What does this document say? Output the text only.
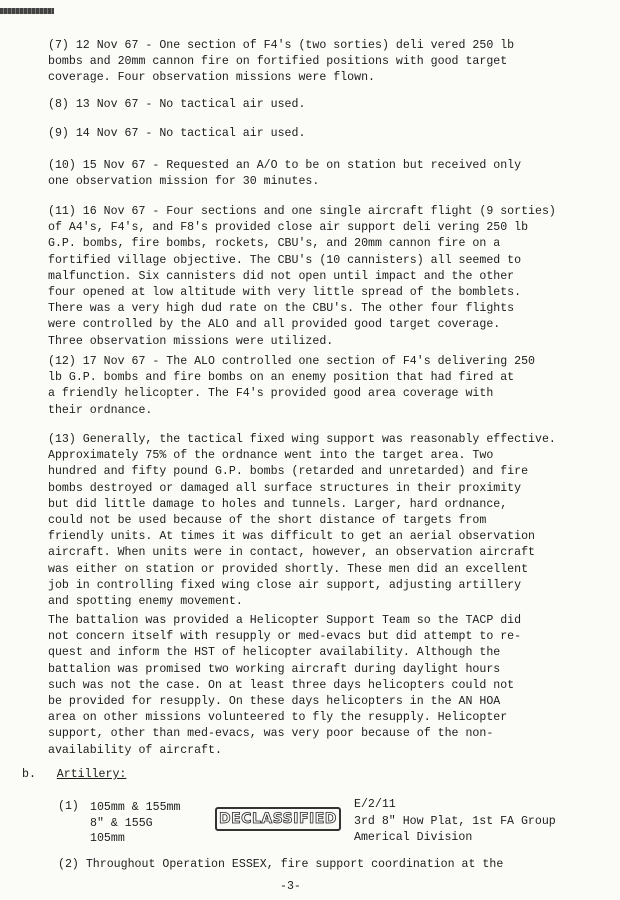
(7) 12 Nov 67 - One section of F4's (two sorties) deli vered 250 lb
bombs and 20mm cannon fire on fortified positions with good target
coverage. Four observation missions were flown.

(8) 13 Nov 67 - No tactical air used.

(9) 14 Nov 67 - No tactical air used.

(10) 15 Nov 67 - Requested an A/O to be on station but received only
one observation mission for 30 minutes.

(11) 16 Nov 67 - Four sections and one single aircraft flight (9 sorties)
of A4's, F4's, and F8's provided close air support deli vering 250 lb
G.P. bombs, fire bombs, rockets, CBU's, and 20mm cannon fire on a
fortified village objective. The CBU's (10 cannisters) all seemed to
malfunction. Six cannisters did not open until impact and the other
four opened at low altitude with very little spread of the bomblets.
There was a very high dud rate on the CBU's. The other four flights
were controlled by the ALO and all provided good target coverage.
Three observation missions were utilized.

(12) 17 Nov 67 - The ALO controlled one section of F4's delivering 250
lb G.P. bombs and fire bombs on an enemy position that had fired at
a friendly helicopter. The F4's provided good area coverage with
their ordnance.

(13) Generally, the tactical fixed wing support was reasonably effective.
Approximately 75% of the ordnance went into the target area. Two
hundred and fifty pound G.P. bombs (retarded and unretarded) and fire
bombs destroyed or damaged all surface structures in their proximity
but did little damage to holes and tunnels. Larger, hard ordnance,
could not be used because of the short distance of targets from
friendly units. At times it was difficult to get an aerial observation
aircraft. When units were in contact, however, an observation aircraft
was either on station or provided shortly. These men did an excellent
job in controlling fixed wing close air support, adjusting artillery
and spotting enemy movement.

The battalion was provided a Helicopter Support Team so the TACP did
not concern itself with resupply or med-evacs but did attempt to re-
quest and inform the HST of helicopter availability. Although the
battalion was promised two working aircraft during daylight hours
such was not the case. On at least three days helicopters could not
be provided for resupply. On these days helicopters in the AN HOA
area on other missions volunteered to fly the resupply. Helicopter
support, other than med-evacs, was very poor because of the non-
availability of aircraft.

b. Artillery:
(1) 105mm & 155mm
8" & 155G
105mm
DECLASSIFIED
E/2/11
3rd 8" How Plat, 1st FA Group
Americal Division
(2) Throughout Operation ESSEX, fire support coordination at the
-3-
